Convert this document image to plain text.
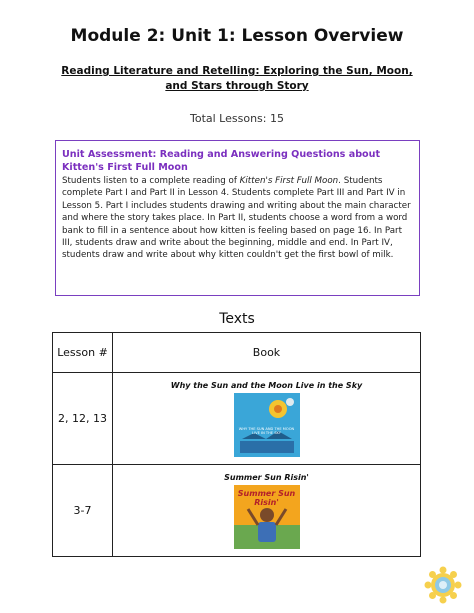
Module 2: Unit 1: Lesson Overview
Reading Literature and Retelling: Exploring the Sun, Moon, and Stars through Story
Total Lessons: 15
Unit Assessment: Reading and Answering Questions about Kitten's First Full Moon
Students listen to a complete reading of Kitten's First Full Moon. Students complete Part I and Part II in Lesson 4. Students complete Part III and Part IV in Lesson 5. Part I includes students drawing and writing about the main character and where the story takes place. In Part II, students choose a word from a word bank to fill in a sentence about how kitten is feeling based on page 16. In Part III, students draw and write about the beginning, middle and end. In Part IV, students draw and write about why kitten couldn't get the first bowl of milk.
Texts
Lesson #	Book
2, 12, 13	Why the Sun and the Moon Live in the Sky
WHY THE SUN AND THE MOON LIVE IN THE SKY

3-7	Summer Sun Risin'
Summer Sun Risin'
